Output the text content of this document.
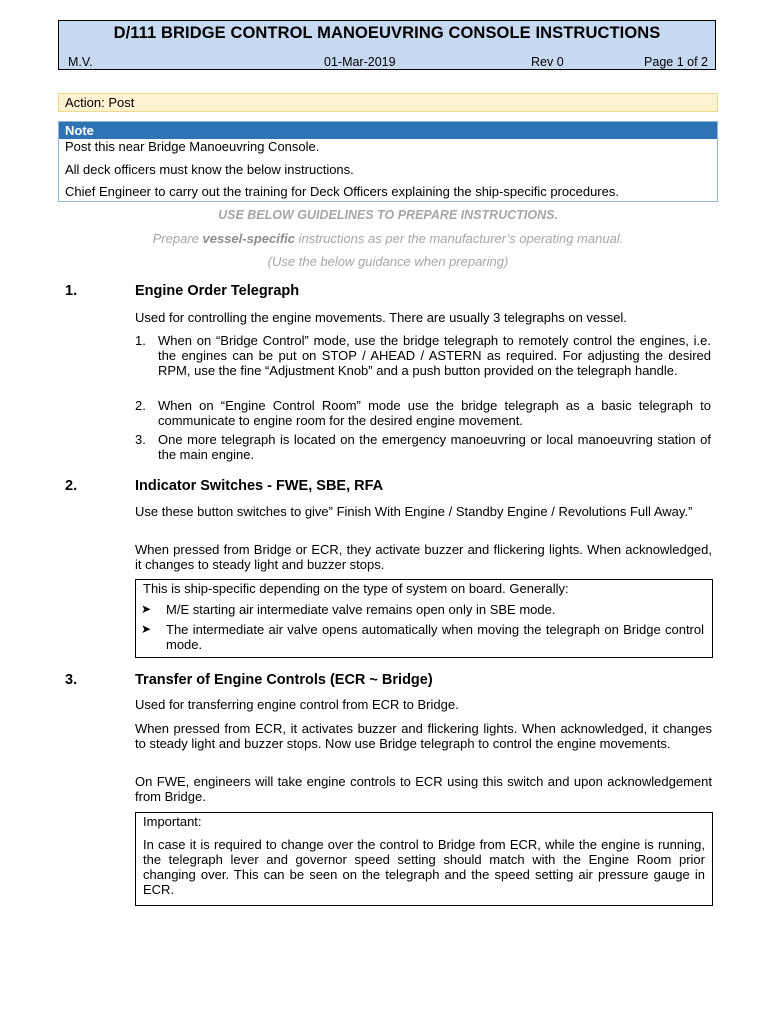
D/111 BRIDGE CONTROL MANOEUVRING CONSOLE INSTRUCTIONS
M.V.	01-Mar-2019	Rev 0	Page 1 of 2
Action: Post
Note
Post this near Bridge Manoeuvring Console.
All deck officers must know the below instructions.
Chief Engineer to carry out the training for Deck Officers explaining the ship-specific procedures.
USE BELOW GUIDELINES TO PREPARE INSTRUCTIONS.
Prepare vessel-specific instructions as per the manufacturer’s operating manual.
(Use the below guidance when preparing)
1.	Engine Order Telegraph
Used for controlling the engine movements. There are usually 3 telegraphs on vessel.
1. When on “Bridge Control” mode, use the bridge telegraph to remotely control the engines, i.e. the engines can be put on STOP / AHEAD / ASTERN as required. For adjusting the desired RPM, use the fine “Adjustment Knob” and a push button provided on the telegraph handle.
2. When on “Engine Control Room” mode use the bridge telegraph as a basic telegraph to communicate to engine room for the desired engine movement.
3. One more telegraph is located on the emergency manoeuvring or local manoeuvring station of the main engine.
2.	Indicator Switches - FWE, SBE, RFA
Use these button switches to give” Finish With Engine / Standby Engine / Revolutions Full Away.”
When pressed from Bridge or ECR, they activate buzzer and flickering lights. When acknowledged, it changes to steady light and buzzer stops.
This is ship-specific depending on the type of system on board. Generally:
➤ M/E starting air intermediate valve remains open only in SBE mode.
➤ The intermediate air valve opens automatically when moving the telegraph on Bridge control mode.
3.	Transfer of Engine Controls (ECR ~ Bridge)
Used for transferring engine control from ECR to Bridge.
When pressed from ECR, it activates buzzer and flickering lights. When acknowledged, it changes to steady light and buzzer stops. Now use Bridge telegraph to control the engine movements.
On FWE, engineers will take engine controls to ECR using this switch and upon acknowledgement from Bridge.
Important:
In case it is required to change over the control to Bridge from ECR, while the engine is running, the telegraph lever and governor speed setting should match with the Engine Room prior changing over. This can be seen on the telegraph and the speed setting air pressure gauge in ECR.
